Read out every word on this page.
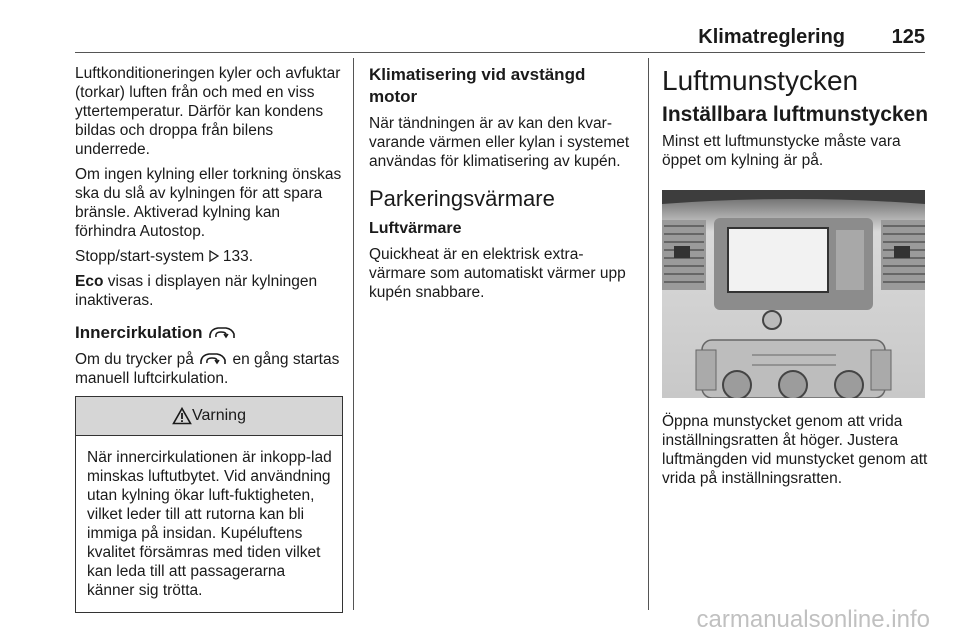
Klimatreglering 125

Luftkonditioneringen kyler och avfuktar (torkar) luften från och med en viss yttertemperatur. Därför kan kondens bildas och droppa från bilens underrede.

Om ingen kylning eller torkning önskas ska du slå av kylningen för att spara bränsle. Aktiverad kylning kan förhindra Autostop.

Stopp/start-system 133.

Eco visas i displayen när kylningen inaktiveras.

Innercirkulation

Om du trycker på en gång startas manuell luftcirkulation.

Varning
När innercirkulationen är inkopp-lad minskas luftutbytet. Vid användning utan kylning ökar luft-fuktigheten, vilket leder till att rutorna kan bli immiga på insidan. Kupéluftens kvalitet försämras med tiden vilket kan leda till att passagerarna känner sig trötta.
Klimatisering vid avstängd motor

När tändningen är av kan den kvar-varande värmen eller kylan i systemet användas för klimatisering av kupén.

Parkeringsvärmare
Luftvärmare

Quickheat är en elektrisk extra-värmare som automatiskt värmer upp kupén snabbare.

Luftmunstycken
Inställbara luftmunstycken

Minst ett luftmunstycke måste vara öppet om kylning är på.

Öppna munstycket genom att vrida inställningsratten åt höger. Justera luftmängden vid munstycket genom att vrida på inställningsratten.

carmanualsonline.info
